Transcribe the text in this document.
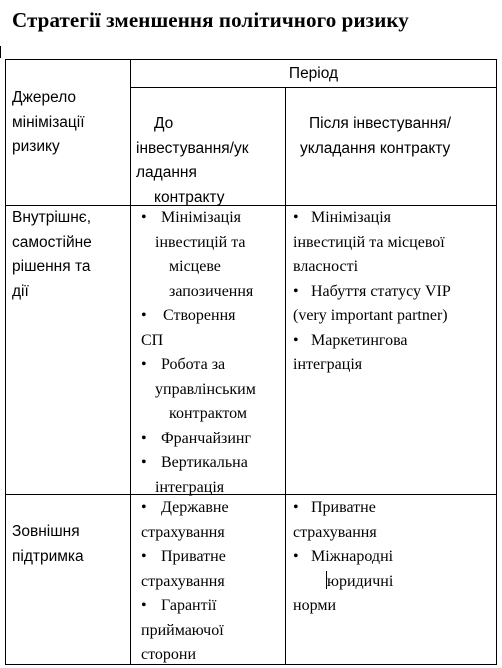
Стратегії зменшення політичного ризику

Джерело

мінімізації

ризику

Період

До

інвестування/ук

ладання

контракту

Після інвестування/

укладання контракту

Внутрішнє,

самостійне

рішення та

дії

• Мінімізація
інвестицій та
місцеве
запозичення
• Створення
СП
• Робота за
управлінським
контрактом
• Франчайзинг
• Вертикальна
інтеграція
• Мінімізація
інвестицій та місцевої
власності
• Набуття статусу VIP
(very important partner)
• Маркетингова
інтеграція

Зовнішня

підтримка

• Державне
страхування
• Приватне
страхування
• Гарантії
приймаючої
сторони
• Приватне
страхування
• Міжнародні
юридичні
норми
